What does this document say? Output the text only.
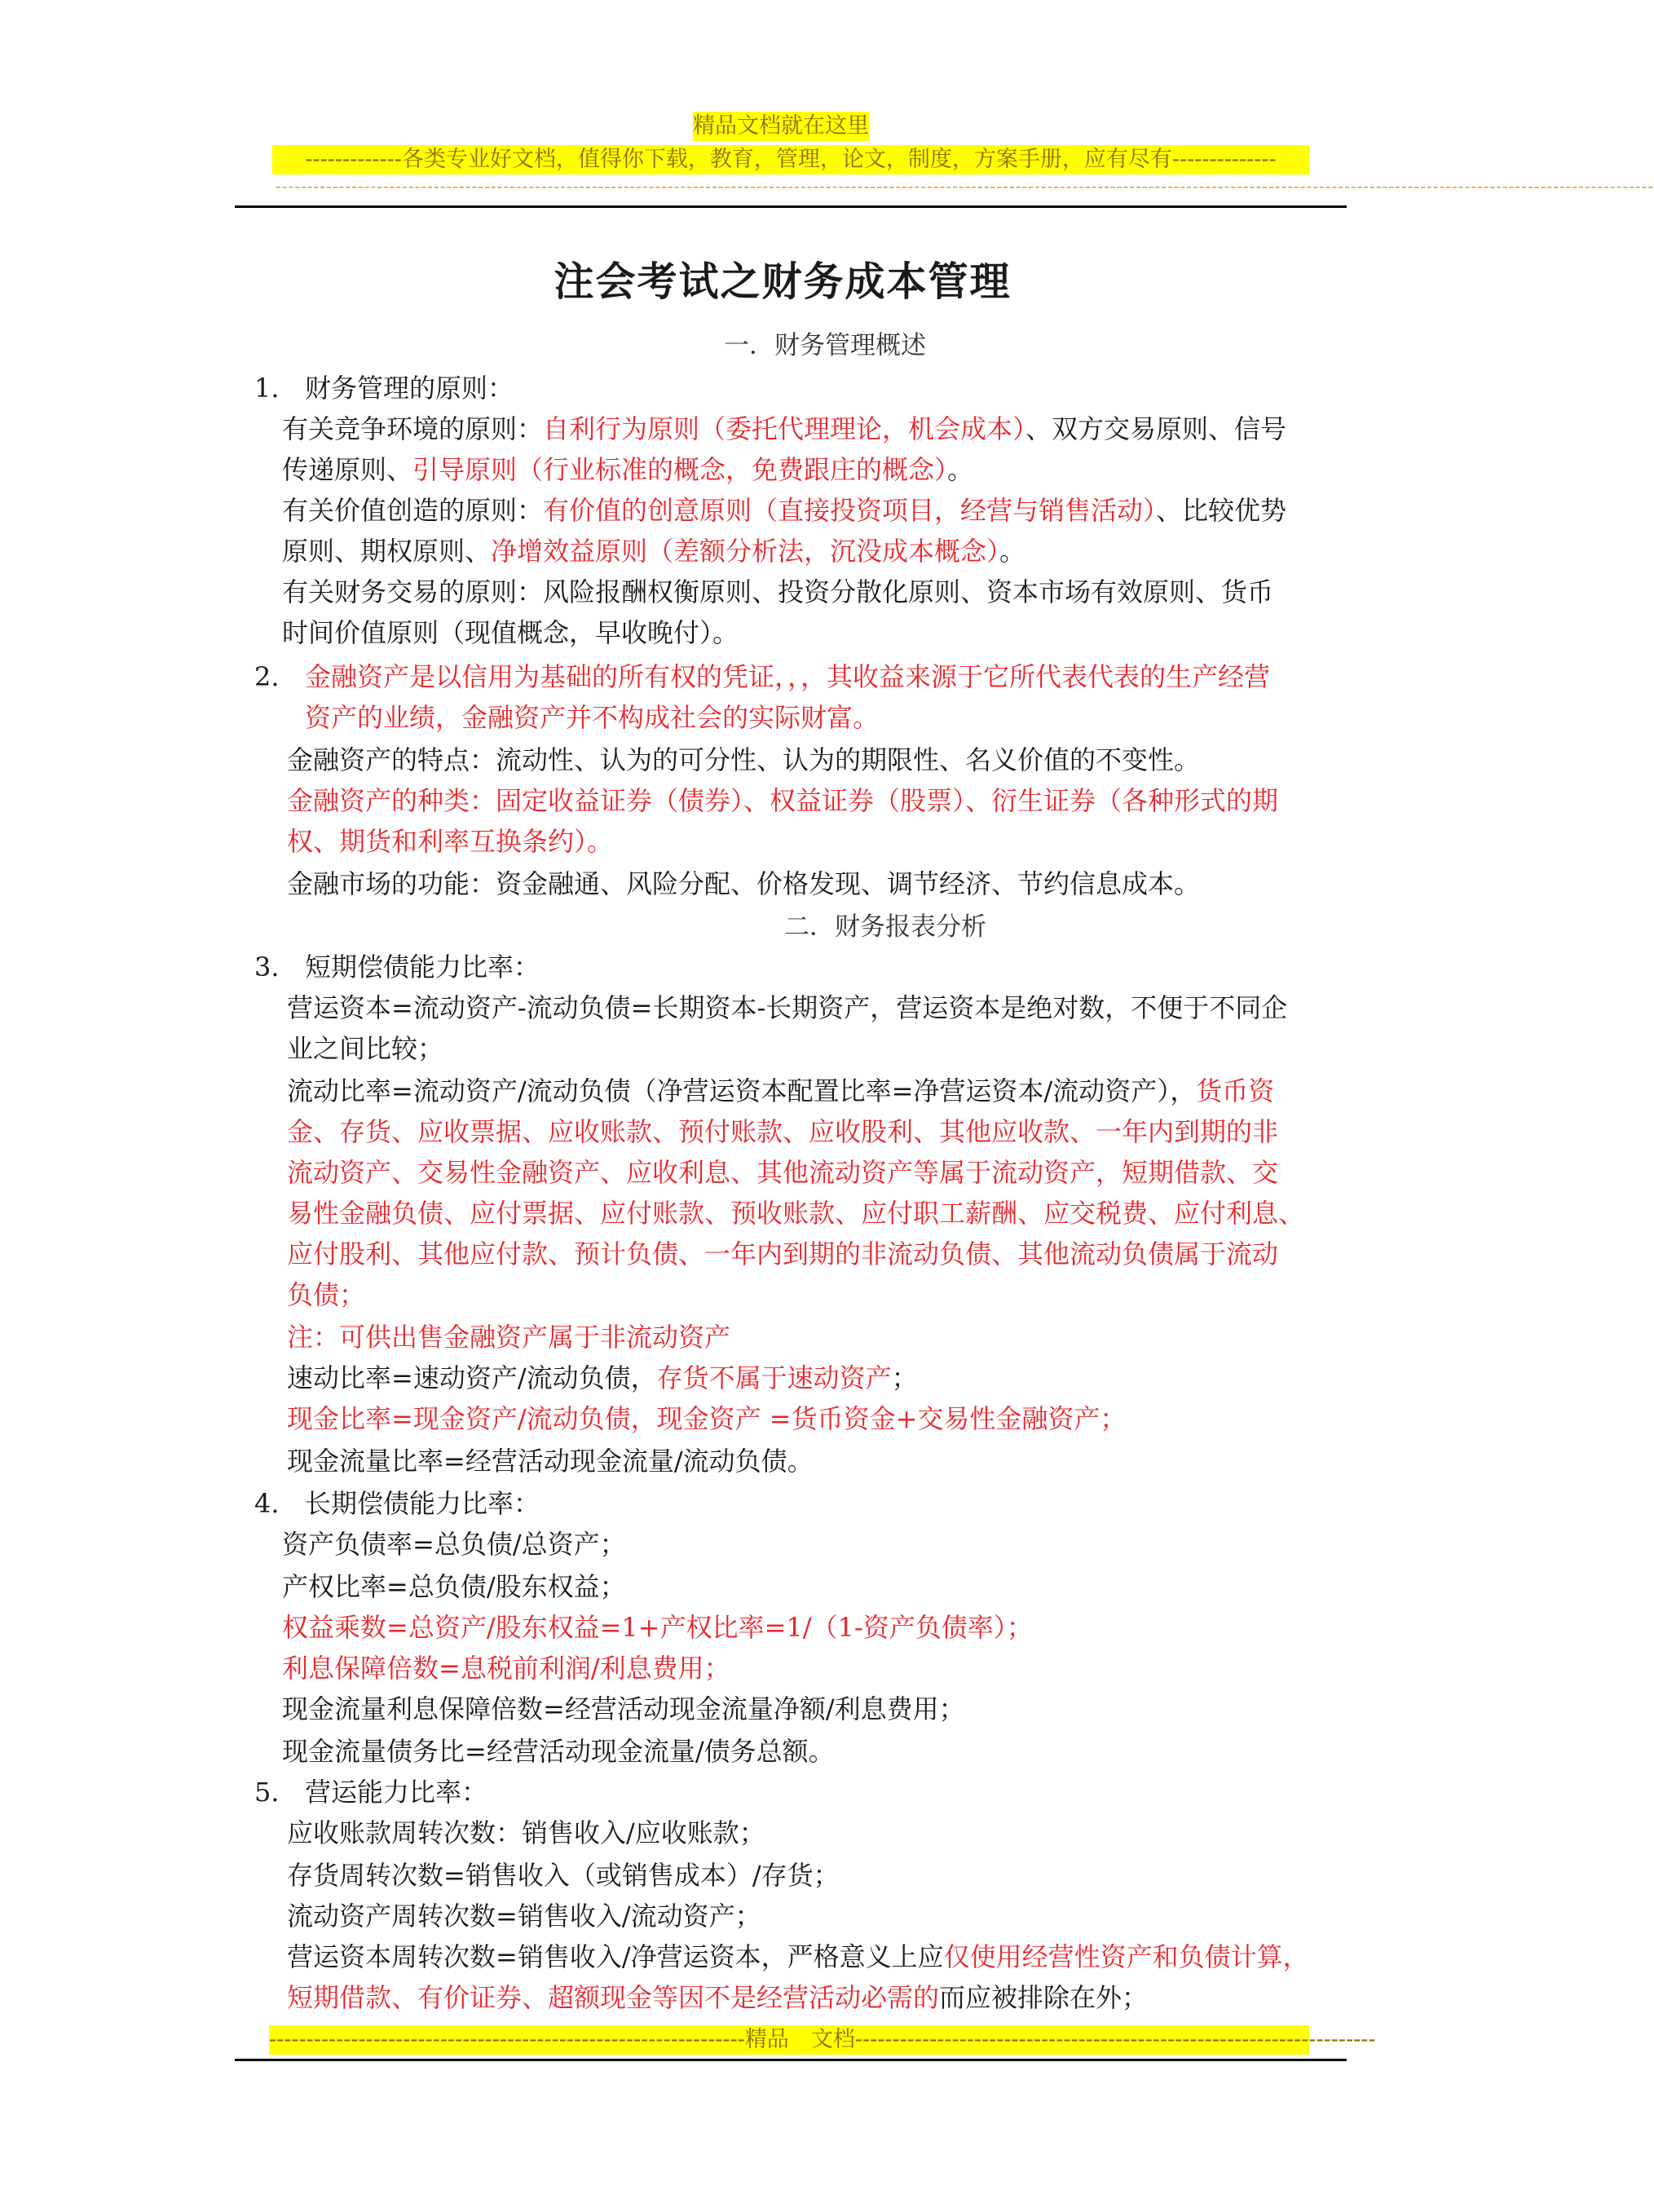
精品文档就在这里
-------------各类专业好文档，值得你下载，教育，管理，论文，制度，方案手册，应有尽有--------------
--------------------------------------------------------------------------------------------------------------------------------------------------------------------------------------------------------------------------
注会考试之财务成本管理
一．财务管理概述
1. 财务管理的原则：
有关竞争环境的原则：自利行为原则（委托代理理论，机会成本）、双方交易原则、信号
传递原则、引导原则（行业标准的概念，免费跟庄的概念）。
有关价值创造的原则：有价值的创意原则（直接投资项目，经营与销售活动）、比较优势
原则、期权原则、净增效益原则（差额分析法，沉没成本概念）。
有关财务交易的原则：风险报酬权衡原则、投资分散化原则、资本市场有效原则、货币
时间价值原则（现值概念，早收晚付）。
2. 金融资产是以信用为基础的所有权的凭证，，，其收益来源于它所代表代表的生产经营
资产的业绩，金融资产并不构成社会的实际财富。
金融资产的特点：流动性、认为的可分性、认为的期限性、名义价值的不变性。
金融资产的种类：固定收益证券（债券）、权益证券（股票）、衍生证券（各种形式的期
权、期货和利率互换条约）。
金融市场的功能：资金融通、风险分配、价格发现、调节经济、节约信息成本。
二．财务报表分析
3. 短期偿债能力比率：
营运资本=流动资产-流动负债=长期资本-长期资产，营运资本是绝对数，不便于不同企
业之间比较；
流动比率=流动资产/流动负债（净营运资本配置比率=净营运资本/流动资产），货币资
金、存货、应收票据、应收账款、预付账款、应收股利、其他应收款、一年内到期的非
流动资产、交易性金融资产、应收利息、其他流动资产等属于流动资产，短期借款、交
易性金融负债、应付票据、应付账款、预收账款、应付职工薪酬、应交税费、应付利息、
应付股利、其他应付款、预计负债、一年内到期的非流动负债、其他流动负债属于流动
负债；
注：可供出售金融资产属于非流动资产
速动比率=速动资产/流动负债，存货不属于速动资产；
现金比率=现金资产/流动负债，现金资产 =货币资金+交易性金融资产；
现金流量比率=经营活动现金流量/流动负债。
4. 长期偿债能力比率：
资产负债率=总负债/总资产；
产权比率=总负债/股东权益；
权益乘数=总资产/股东权益=1+产权比率=1/（1-资产负债率）；
利息保障倍数=息税前利润/利息费用；
现金流量利息保障倍数=经营活动现金流量净额/利息费用；
现金流量债务比=经营活动现金流量/债务总额。
5. 营运能力比率：
应收账款周转次数：销售收入/应收账款；
存货周转次数=销售收入（或销售成本）/存货；
流动资产周转次数=销售收入/流动资产；
营运资本周转次数=销售收入/净营运资本，严格意义上应仅使用经营性资产和负债计算，
短期借款、有价证券、超额现金等因不是经营活动必需的而应被排除在外；
----------------------------------------------------------------精品　文档----------------------------------------------------------------------
